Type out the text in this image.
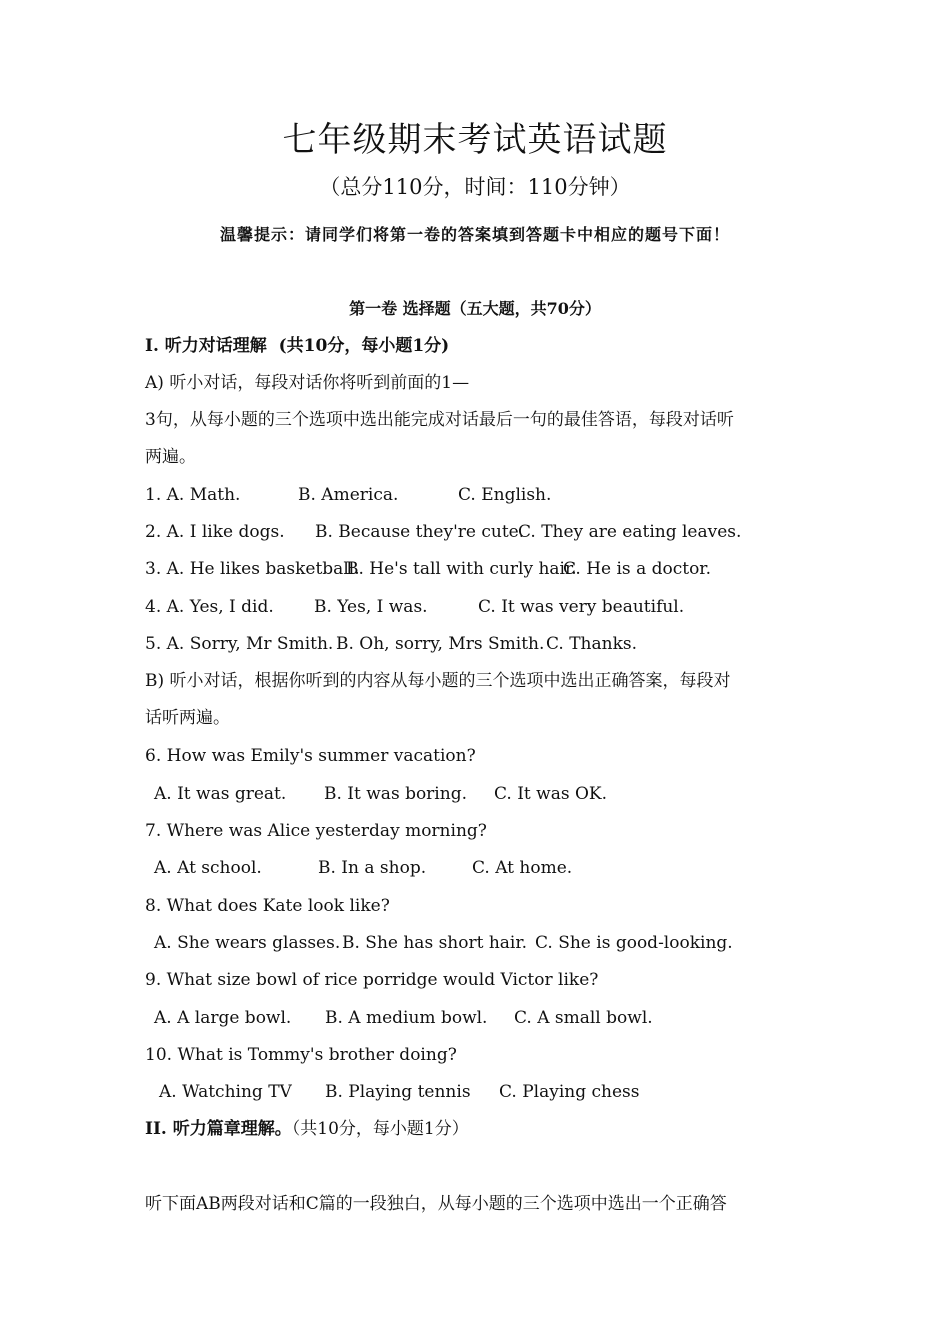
七年级期末考试英语试题
（总分110分，时间：110分钟）
温馨提示：请同学们将第一卷的答案填到答题卡中相应的题号下面！
第一卷 选择题（五大题，共70分）
I. 听力对话理解  (共10分，每小题1分)
A) 听小对话，每段对话你将听到前面的1—
3句，从每小题的三个选项中选出能完成对话最后一句的最佳答语，每段对话听
两遍。
1. A. Math.	B. America.	C. English.
2. A. I like dogs. B. Because they're cute.
C. They are eating leaves.
3. A. He likes basketball.
B. He's tall with curly hair.
C. He is a doctor.
4. A. Yes, I did. B. Yes, I was.	C. It was very beautiful.
5. A. Sorry, Mr Smith. B. Oh, sorry, Mrs Smith. C. Thanks.
B) 听小对话，根据你听到的内容从每小题的三个选项中选出正确答案，每段对
话听两遍。
6. How was Emily's summer vacation?
A. It was great. B. It was boring. C. It was OK.
7. Where was Alice yesterday morning?
A. At school.	B. In a shop.	C. At home.
8. What does Kate look like?
A. She wears glasses. B. She has short hair. C. She is good-looking.
9. What size bowl of rice porridge would Victor like?
A. A large bowl. B. A medium bowl. C. A small bowl.
10. What is Tommy's brother doing?
A. Watching TV B. Playing tennis C. Playing chess
II. 听力篇章理解。（共10分，每小题1分）
听下面AB两段对话和C篇的一段独白，从每小题的三个选项中选出一个正确答
